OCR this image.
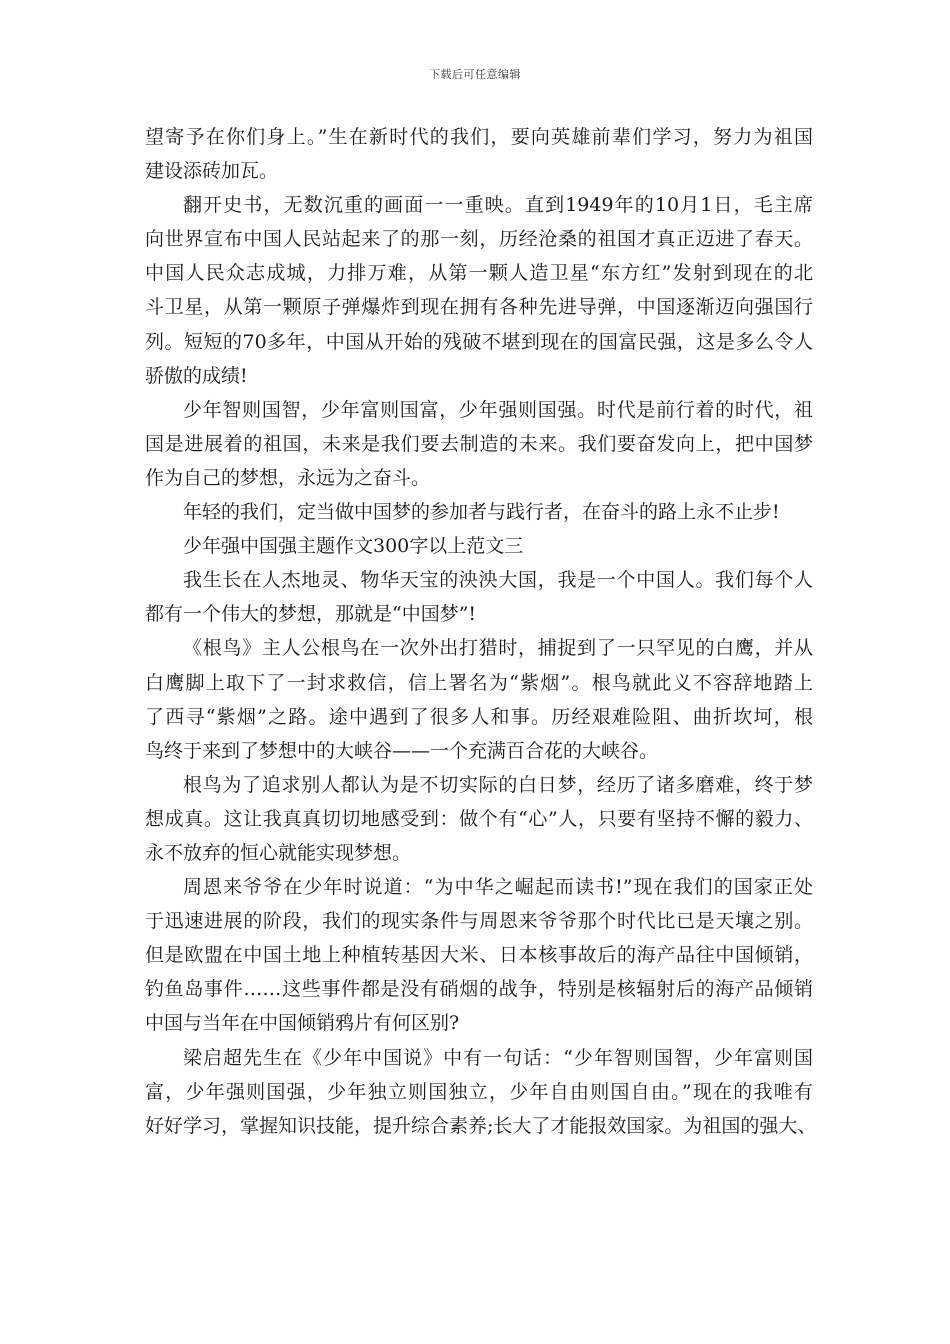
下载后可任意编辑
望寄予在你们身上。”生在新时代的我们，要向英雄前辈们学习，努力为祖国
建设添砖加瓦。
翻开史书，无数沉重的画面一一重映。直到1949年的10月1日，毛主席
向世界宣布中国人民站起来了的那一刻，历经沧桑的祖国才真正迈进了春天。
中国人民众志成城，力排万难，从第一颗人造卫星“东方红”发射到现在的北
斗卫星，从第一颗原子弹爆炸到现在拥有各种先进导弹，中国逐渐迈向强国行
列。短短的70多年，中国从开始的残破不堪到现在的国富民强，这是多么令人
骄傲的成绩!
少年智则国智，少年富则国富，少年强则国强。时代是前行着的时代，祖
国是进展着的祖国，未来是我们要去制造的未来。我们要奋发向上，把中国梦
作为自己的梦想，永远为之奋斗。
年轻的我们，定当做中国梦的参加者与践行者，在奋斗的路上永不止步!
少年强中国强主题作文300字以上范文三
我生长在人杰地灵、物华天宝的泱泱大国，我是一个中国人。我们每个人
都有一个伟大的梦想，那就是“中国梦”!
《根鸟》主人公根鸟在一次外出打猎时，捕捉到了一只罕见的白鹰，并从
白鹰脚上取下了一封求救信，信上署名为“紫烟”。根鸟就此义不容辞地踏上
了西寻“紫烟”之路。途中遇到了很多人和事。历经艰难险阻、曲折坎坷，根
鸟终于来到了梦想中的大峡谷——一个充满百合花的大峡谷。
根鸟为了追求别人都认为是不切实际的白日梦，经历了诸多磨难，终于梦
想成真。这让我真真切切地感受到：做个有“心”人，只要有坚持不懈的毅力、
永不放弃的恒心就能实现梦想。
周恩来爷爷在少年时说道：“为中华之崛起而读书!”现在我们的国家正处
于迅速进展的阶段，我们的现实条件与周恩来爷爷那个时代比已是天壤之别。
但是欧盟在中国土地上种植转基因大米、日本核事故后的海产品往中国倾销，
钓鱼岛事件……这些事件都是没有硝烟的战争，特别是核辐射后的海产品倾销
中国与当年在中国倾销鸦片有何区别?
梁启超先生在《少年中国说》中有一句话：“少年智则国智，少年富则国
富，少年强则国强，少年独立则国独立，少年自由则国自由。”现在的我唯有
好好学习，掌握知识技能，提升综合素养;长大了才能报效国家。为祖国的强大、
